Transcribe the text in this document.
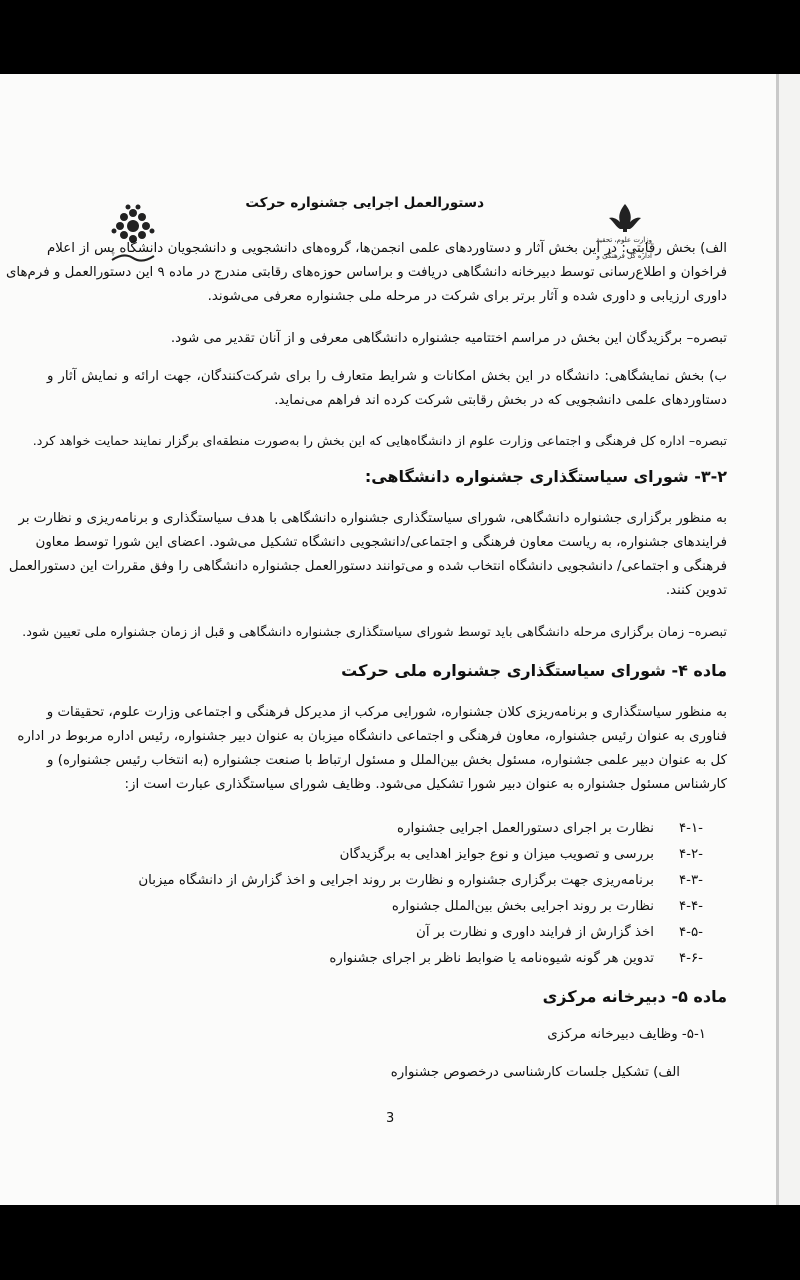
وزارت علوم، تحقیق
اداره کل فرهنگی و
دستورالعمل اجرایی جشنواره حرکت
الف) بخش رقابتی: در این بخش آثار و دستاوردهای علمی انجمن‌ها، گروه‌های دانشجویی و دانشجویان دانشگاه پس از اعلام
فراخوان و اطلاع‌رسانی توسط دبیرخانه دانشگاهی دریافت و براساس حوزه‌های رقابتی مندرج در ماده ۹ این دستورالعمل و فرم‌های
داوری ارزیابی و داوری شده و آثار برتر برای شرکت در مرحله ملی جشنواره معرفی می‌شوند.
تبصره– برگزیدگان این بخش در مراسم اختتامیه جشنواره دانشگاهی معرفی و از آنان تقدیر می شود.
ب) بخش نمایشگاهی: دانشگاه در این بخش امکانات و شرایط متعارف را برای شرکت‌کنندگان، جهت ارائه و نمایش آثار و
دستاوردهای علمی دانشجویی که در بخش رقابتی شرکت کرده اند فراهم می‌نماید.
تبصره– اداره کل فرهنگی و اجتماعی وزارت علوم از دانشگاه‌هایی که این بخش را به‌صورت منطقه‌ای برگزار نمایند حمایت خواهد کرد.
۳-۲- شورای سیاستگذاری جشنواره دانشگاهی:
به منظور برگزاری جشنواره دانشگاهی، شورای سیاستگذاری جشنواره دانشگاهی با هدف سیاستگذاری و برنامه‌ریزی و نظارت بر
فرایندهای جشنواره، به ریاست معاون فرهنگی و اجتماعی/دانشجویی دانشگاه تشکیل می‌شود. اعضای این شورا توسط معاون
فرهنگی و اجتماعی/ دانشجویی دانشگاه انتخاب شده و می‌توانند دستورالعمل جشنواره دانشگاهی را وفق مقررات این دستورالعمل
تدوین کنند.
تبصره– زمان برگزاری مرحله دانشگاهی باید توسط شورای سیاستگذاری جشنواره دانشگاهی و قبل از زمان جشنواره ملی تعیین شود.
ماده ۴- شورای سیاستگذاری جشنواره ملی حرکت
به منظور سیاستگذاری و برنامه‌ریزی کلان جشنواره، شورایی مرکب از مدیرکل فرهنگی و اجتماعی وزارت علوم، تحقیقات و
فناوری به عنوان رئیس جشنواره، معاون فرهنگی و اجتماعی دانشگاه میزبان به عنوان دبیر جشنواره، رئیس اداره مربوط در اداره
کل به عنوان دبیر علمی جشنواره، مسئول بخش بین‌الملل و مسئول ارتباط با صنعت جشنواره (به انتخاب رئیس جشنواره) و
کارشناس مسئول جشنواره به عنوان دبیر شورا تشکیل می‌شود. وظایف شورای سیاستگذاری عبارت است از:
۴-۱-
نظارت بر اجرای دستورالعمل اجرایی جشنواره
۴-۲-
بررسی و تصویب میزان و نوع جوایز اهدایی به برگزیدگان
۴-۳-
برنامه‌ریزی جهت برگزاری جشنواره و نظارت بر روند اجرایی و اخذ گزارش از دانشگاه میزبان
۴-۴-
نظارت بر روند اجرایی بخش بین‌الملل جشنواره
۴-۵-
اخذ گزارش از فرایند داوری و نظارت بر آن
۴-۶-
تدوین هر گونه شیوه‌نامه یا ضوابط ناظر بر اجرای جشنواره
ماده ۵- دبیرخانه مرکزی
۵-۱- وظایف دبیرخانه مرکزی
الف) تشکیل جلسات کارشناسی درخصوص جشنواره
3
